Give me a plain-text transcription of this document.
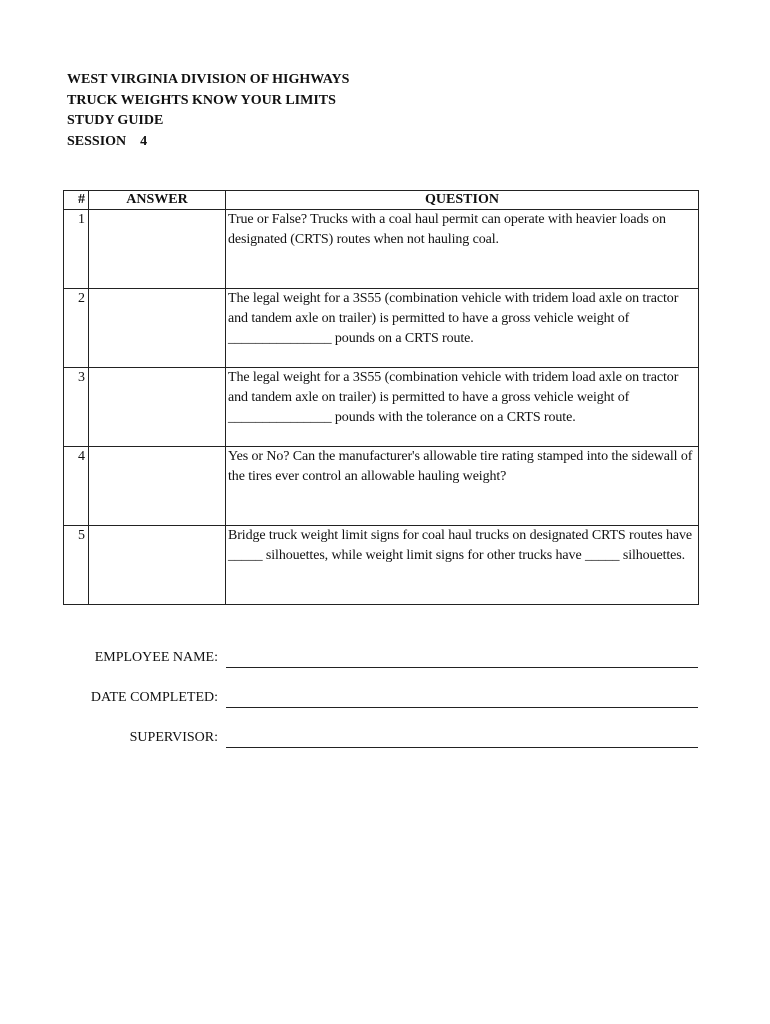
WEST VIRGINIA DIVISION OF HIGHWAYS
TRUCK WEIGHTS KNOW YOUR LIMITS
STUDY GUIDE
SESSION    4
#	ANSWER	QUESTION
1		True or False? Trucks with a coal haul permit can operate with heavier loads on designated (CRTS) routes when not hauling coal.
2		The legal weight for a 3S55 (combination vehicle with tridem load axle on tractor and tandem axle on trailer) is permitted to have a gross vehicle weight of _______________ pounds on a CRTS route.
3		The legal weight for a 3S55 (combination vehicle with tridem load axle on tractor and tandem axle on trailer) is permitted to have a gross vehicle weight of _______________ pounds with the tolerance on a CRTS route.
4		Yes or No? Can the manufacturer's allowable tire rating stamped into the sidewall of the tires ever control an allowable hauling weight?
5		Bridge truck weight limit signs for coal haul trucks on designated CRTS routes have _____ silhouettes, while weight limit signs for other trucks have _____ silhouettes.
EMPLOYEE NAME:
DATE COMPLETED:
SUPERVISOR:
